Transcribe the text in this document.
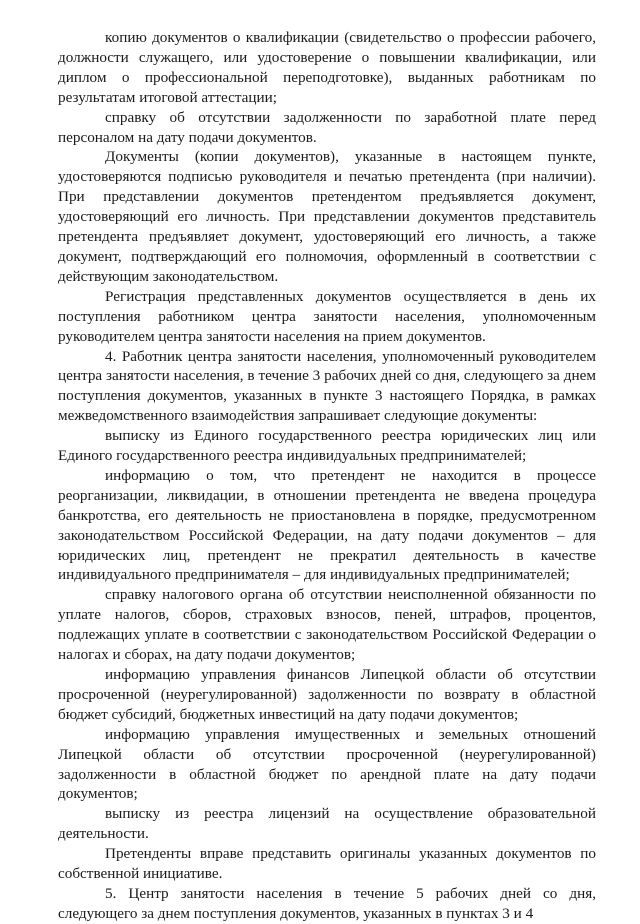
копию документов о квалификации (свидетельство о профессии рабочего, должности служащего, или удостоверение о повышении квалификации, или диплом о профессиональной переподготовке), выданных работникам по результатам итоговой аттестации;

справку об отсутствии задолженности по заработной плате перед персоналом на дату подачи документов.

Документы (копии документов), указанные в настоящем пункте, удостоверяются подписью руководителя и печатью претендента (при наличии). При представлении документов претендентом предъявляется документ, удостоверяющий его личность. При представлении документов представитель претендента предъявляет документ, удостоверяющий его личность, а также документ, подтверждающий его полномочия, оформленный в соответствии с действующим законодательством.

Регистрация представленных документов осуществляется в день их поступления работником центра занятости населения, уполномоченным руководителем центра занятости населения на прием документов.

4. Работник центра занятости населения, уполномоченный руководителем центра занятости населения, в течение 3 рабочих дней со дня, следующего за днем поступления документов, указанных в пункте 3 настоящего Порядка, в рамках межведомственного взаимодействия запрашивает следующие документы:

выписку из Единого государственного реестра юридических лиц или Единого государственного реестра индивидуальных предпринимателей;

информацию о том, что претендент не находится в процессе реорганизации, ликвидации, в отношении претендента не введена процедура банкротства, его деятельность не приостановлена в порядке, предусмотренном законодательством Российской Федерации, на дату подачи документов – для юридических лиц, претендент не прекратил деятельность в качестве индивидуального предпринимателя – для индивидуальных предпринимателей;

справку налогового органа об отсутствии неисполненной обязанности по уплате налогов, сборов, страховых взносов, пеней, штрафов, процентов, подлежащих уплате в соответствии с законодательством Российской Федерации о налогах и сборах, на дату подачи документов;

информацию управления финансов Липецкой области об отсутствии просроченной (неурегулированной) задолженности по возврату в областной бюджет субсидий, бюджетных инвестиций на дату подачи документов;

информацию управления имущественных и земельных отношений Липецкой области об отсутствии просроченной (неурегулированной) задолженности в областной бюджет по арендной плате на дату подачи документов;

выписку из реестра лицензий на осуществление образовательной деятельности.

Претенденты вправе представить оригиналы указанных документов по собственной инициативе.

5. Центр занятости населения в течение 5 рабочих дней со дня, следующего за днем поступления документов, указанных в пунктах 3 и 4
